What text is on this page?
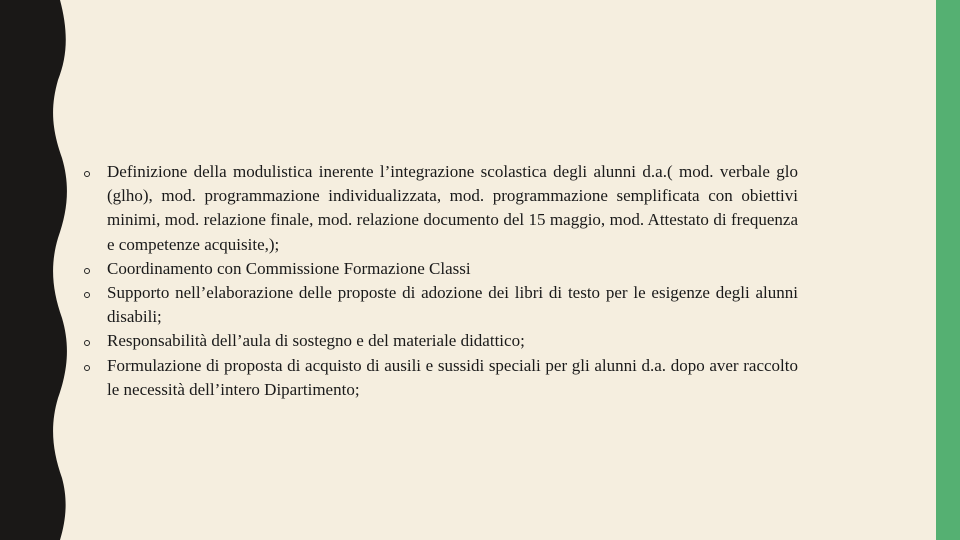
Definizione della modulistica inerente l’integrazione scolastica degli alunni d.a.( mod. verbale glo (glho), mod. programmazione individualizzata, mod. programmazione semplificata con obiettivi minimi, mod. relazione finale, mod. relazione documento del 15 maggio, mod. Attestato di frequenza e competenze acquisite,);
Coordinamento con Commissione Formazione Classi
Supporto nell’elaborazione delle proposte di adozione dei libri di testo per le esigenze degli alunni disabili;
Responsabilità dell’aula di sostegno e del materiale didattico;
Formulazione di proposta di acquisto di ausili e sussidi speciali per gli alunni d.a. dopo aver raccolto le necessità dell’intero Dipartimento;
